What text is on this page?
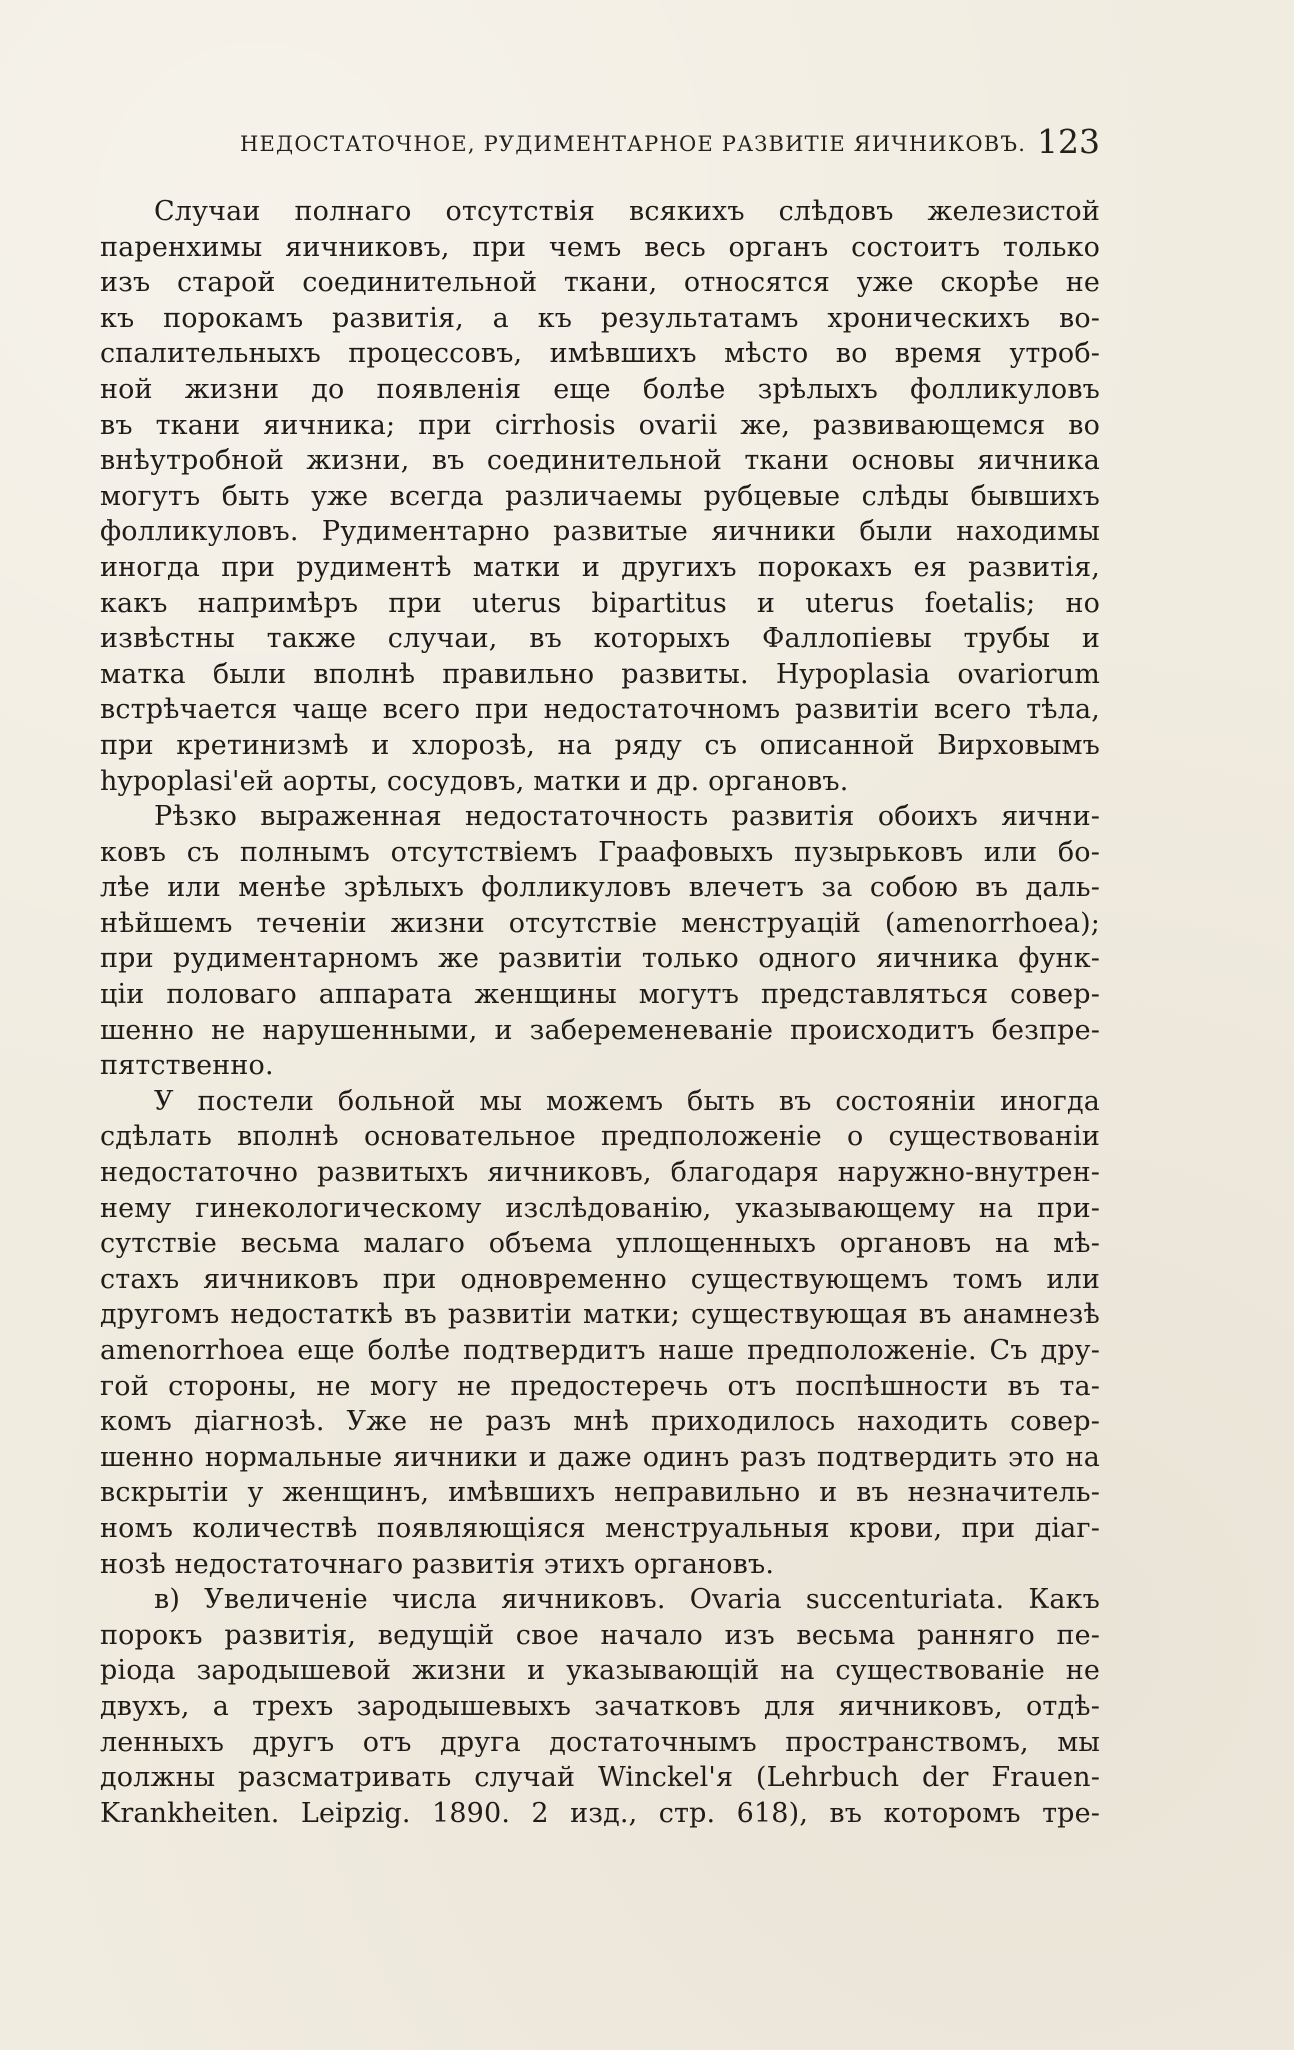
НЕДОСТАТОЧНОЕ, РУДИМЕНТАРНОЕ РАЗВИТІЕ ЯИЧНИКОВЪ. 123
Случаи полнаго отсутствія всякихъ слѣдовъ железистой
паренхимы яичниковъ, при чемъ весь органъ состоитъ только
изъ старой соединительной ткани, относятся уже скорѣе не
къ порокамъ развитія, а къ результатамъ хроническихъ во-
спалительныхъ процессовъ, имѣвшихъ мѣсто во время утроб-
ной жизни до появленія еще болѣе зрѣлыхъ фолликуловъ
въ ткани яичника; при cirrhosis ovarii же, развивающемся во
внѣутробной жизни, въ соединительной ткани основы яичника
могутъ быть уже всегда различаемы рубцевые слѣды бывшихъ
фолликуловъ. Рудиментарно развитые яичники были находимы
иногда при рудиментѣ матки и другихъ порокахъ ея развитія,
какъ напримѣръ при uterus bipartitus и uterus foetalis; но
извѣстны также случаи, въ которыхъ Фаллопіевы трубы и
матка были вполнѣ правильно развиты. Hypoplasia ovariorum
встрѣчается чаще всего при недостаточномъ развитіи всего тѣла,
при кретинизмѣ и хлорозѣ, на ряду съ описанной Вирховымъ
hypoplasi'ей аорты, сосудовъ, матки и др. органовъ.
Рѣзко выраженная недостаточность развитія обоихъ яични-
ковъ съ полнымъ отсутствіемъ Граафовыхъ пузырьковъ или бо-
лѣе или менѣе зрѣлыхъ фолликуловъ влечетъ за собою въ даль-
нѣйшемъ теченіи жизни отсутствіе менструацій (amenorrhoea);
при рудиментарномъ же развитіи только одного яичника функ-
ціи половаго аппарата женщины могутъ представляться совер-
шенно не нарушенными, и забеременеваніе происходитъ безпре-
пятственно.
У постели больной мы можемъ быть въ состояніи иногда
сдѣлать вполнѣ основательное предположеніе о существованіи
недостаточно развитыхъ яичниковъ, благодаря наружно-внутрен-
нему гинекологическому изслѣдованію, указывающему на при-
сутствіе весьма малаго объема уплощенныхъ органовъ на мѣ-
стахъ яичниковъ при одновременно существующемъ томъ или
другомъ недостаткѣ въ развитіи матки; существующая въ анамнезѣ
amenorrhoea еще болѣе подтвердитъ наше предположеніе. Съ дру-
гой стороны, не могу не предостеречь отъ поспѣшности въ та-
комъ діагнозѣ. Уже не разъ мнѣ приходилось находить совер-
шенно нормальные яичники и даже одинъ разъ подтвердить это на
вскрытіи у женщинъ, имѣвшихъ неправильно и въ незначитель-
номъ количествѣ появляющіяся менструальныя крови, при діаг-
нозѣ недостаточнаго развитія этихъ органовъ.
в) Увеличеніе числа яичниковъ. Ovaria succenturiata. Какъ
порокъ развитія, ведущій свое начало изъ весьма ранняго пе-
ріода зародышевой жизни и указывающій на существованіе не
двухъ, а трехъ зародышевыхъ зачатковъ для яичниковъ, отдѣ-
ленныхъ другъ отъ друга достаточнымъ пространствомъ, мы
должны разсматривать случай Winckel'я (Lehrbuch der Frauen-
Krankheiten. Leipzig. 1890. 2 изд., стр. 618), въ которомъ тре-
